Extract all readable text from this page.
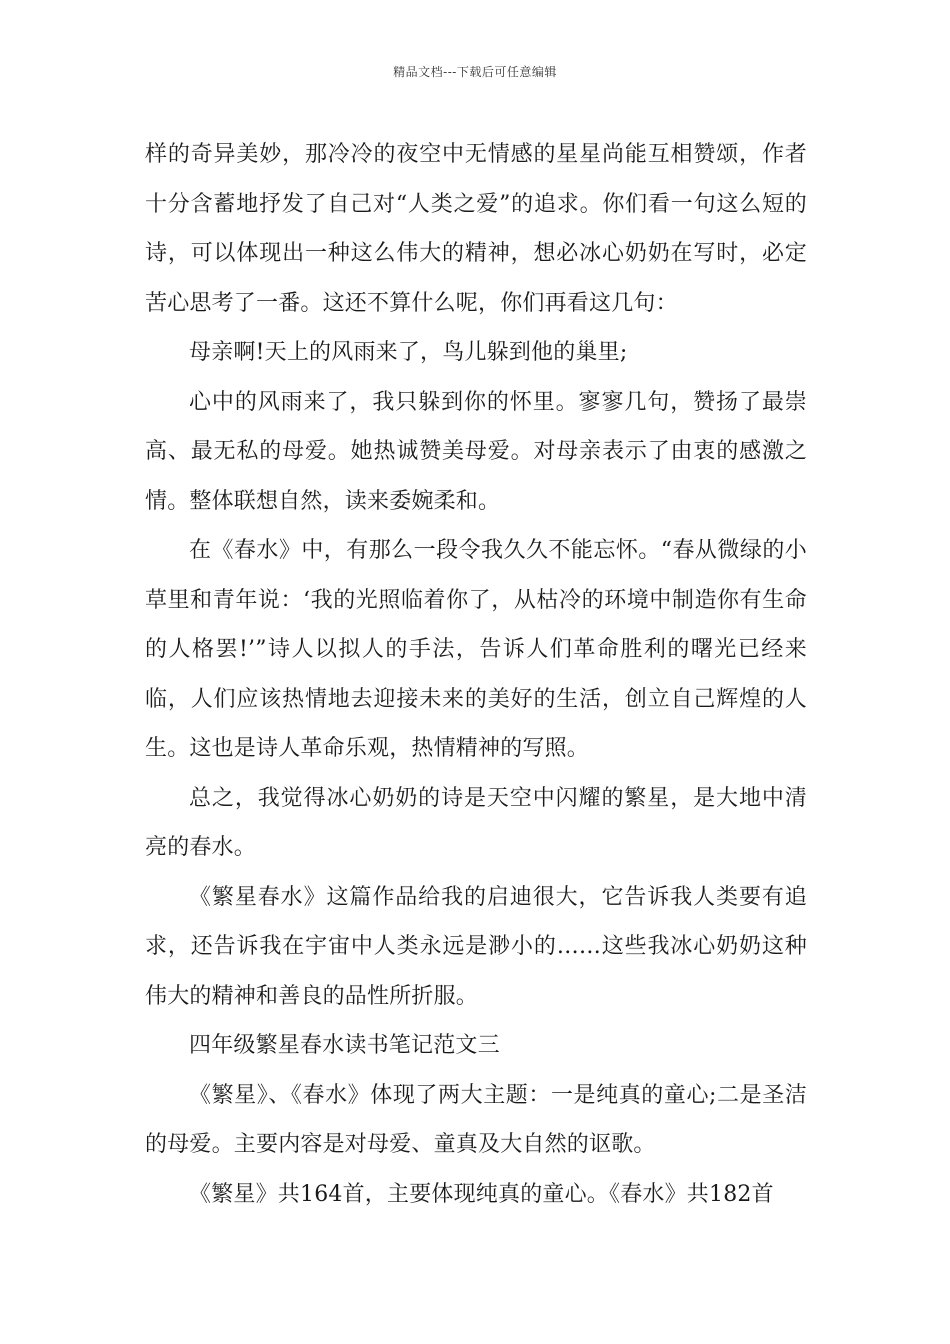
精品文档---下载后可任意编辑

样的奇异美妙，那冷冷的夜空中无情感的星星尚能互相赞颂，作者十分含蓄地抒发了自己对“人类之爱”的追求。你们看一句这么短的诗，可以体现出一种这么伟大的精神，想必冰心奶奶在写时，必定苦心思考了一番。这还不算什么呢，你们再看这几句：

母亲啊!天上的风雨来了，鸟儿躲到他的巢里;

心中的风雨来了，我只躲到你的怀里。寥寥几句，赞扬了最崇高、最无私的母爱。她热诚赞美母爱。对母亲表示了由衷的感激之情。整体联想自然，读来委婉柔和。

在《春水》中，有那么一段令我久久不能忘怀。“春从微绿的小草里和青年说：‘我的光照临着你了，从枯冷的环境中制造你有生命的人格罢!’”诗人以拟人的手法，告诉人们革命胜利的曙光已经来临，人们应该热情地去迎接未来的美好的生活，创立自己辉煌的人生。这也是诗人革命乐观，热情精神的写照。

总之，我觉得冰心奶奶的诗是天空中闪耀的繁星，是大地中清亮的春水。

《繁星春水》这篇作品给我的启迪很大，它告诉我人类要有追求，还告诉我在宇宙中人类永远是渺小的……这些我冰心奶奶这种伟大的精神和善良的品性所折服。

四年级繁星春水读书笔记范文三

《繁星》、《春水》体现了两大主题：一是纯真的童心;二是圣洁的母爱。主要内容是对母爱、童真及大自然的讴歌。

《繁星》共164首，主要体现纯真的童心。《春水》共182首
